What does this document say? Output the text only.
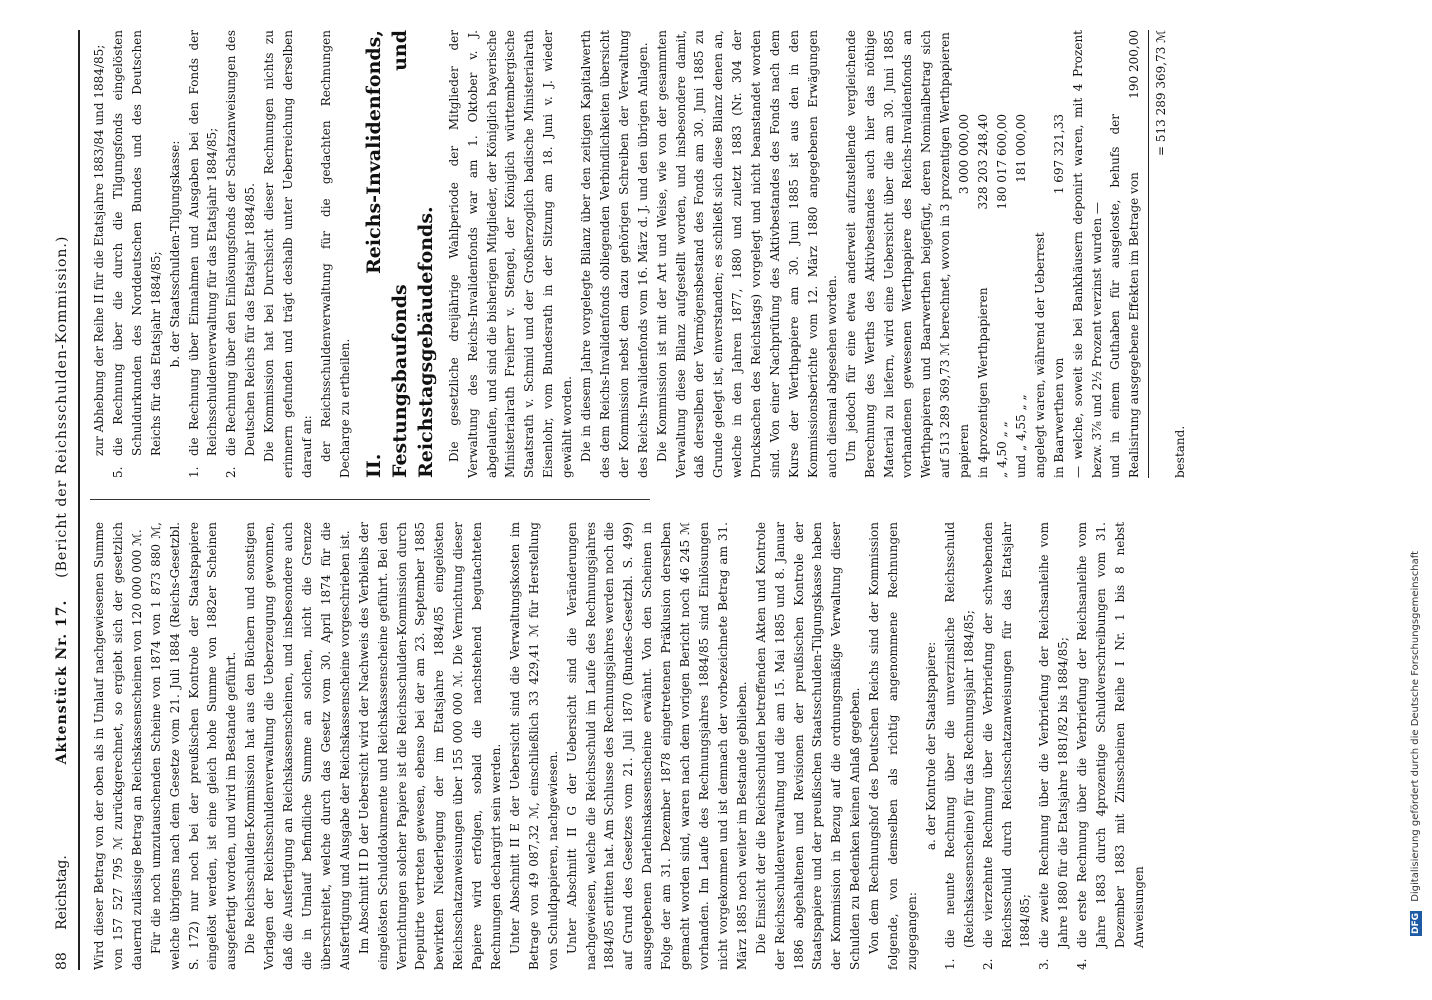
88     Reichstag.
Aktenstück Nr. 17.    (Bericht der Reichsschulden-Kommission.)

Wird dieser Betrag von der oben als in Umlauf nachgewiesenen Summe von 157 527 795 ℳ zurückgerechnet, so ergiebt sich der gesetzlich dauernd zulässige Betrag an Reichskassenscheinen von 120 000 000 ℳ. Für die noch umzutauschenden Scheine von 1874 von 1 873 880 ℳ, welche übrigens nach dem Gesetze vom 21. Juli 1884 (Reichs-Gesetzbl. S. 172) nur noch bei der preußischen Kontrole der Staatspapiere eingelöst werden, ist eine gleich hohe Summe von 1882er Scheinen ausgefertigt worden, und wird im Bestande geführt. Die Reichsschulden-Kommission hat aus den Büchern und sonstigen Vorlagen der Reichsschuldenverwaltung die Ueberzeugung gewonnen, daß die Ausfertigung an Reichskassenscheinen, und insbesondere auch die in Umlauf befindliche Summe an solchen, nicht die Grenze überschreitet, welche durch das Gesetz vom 30. April 1874 für die Ausfertigung und Ausgabe der Reichskassenscheine vorgeschrieben ist. Im Abschnitt II D der Uebersicht wird der Nachweis des Verbleibs der eingelösten Schulddokumente und Reichskassenscheine geführt. Bei den Vernichtungen solcher Papiere ist die Reichsschulden-Kommission durch Deputirte vertreten gewesen, ebenso bei der am 23. September 1885 bewirkten Niederlegung der im Etatsjahre 1884/85 eingelösten Reichsschatzanweisungen über 155 000 000 ℳ. Die Vernichtung dieser Papiere wird erfolgen, sobald die nachstehend begutachteten Rechnungen dechargirt sein werden. Unter Abschnitt II E der Uebersicht sind die Verwaltungskosten im Betrage von 49 087,32 ℳ, einschließlich 33 429,41 ℳ für Herstellung von Schuldpapieren, nachgewiesen. Unter Abschnitt II G der Uebersicht sind die Veränderungen nachgewiesen, welche die Reichsschuld im Laufe des Rechnungsjahres 1884/85 erlitten hat. Am Schlusse des Rechnungsjahres werden noch die auf Grund des Gesetzes vom 21. Juli 1870 (Bundes-Gesetzbl. S. 499) ausgegebenen Darlehnskassenscheine erwähnt. Von den Scheinen in Folge der am 31. Dezember 1878 eingetretenen Präklusion derselben gemacht worden sind, waren nach dem vorigen Bericht noch 46 245 ℳ vorhanden. Im Laufe des Rechnungsjahres 1884/85 sind Einlösungen nicht vorgekommen und ist demnach der vorbezeichnete Betrag am 31. März 1885 noch weiter im Bestande geblieben. Die Einsicht der die Reichsschulden betreffenden Akten und Kontrole der Reichsschuldenverwaltung und die am 15. Mai 1885 und 8. Januar 1886 abgehaltenen und Revisionen der preußischen Kontrole der Staatspapiere und der preußischen Staatsschulden-Tilgungskasse haben der Kommission in Bezug auf die ordnungsmäßige Verwaltung dieser Schulden zu Bedenken keinen Anlaß gegeben. Von dem Rechnungshof des Deutschen Reichs sind der Kommission folgende, von demselben als richtig angenommene Rechnungen zugegangen:

a. der Kontrole der Staatspapiere:

1.
die neunte Rechnung über die unverzinsliche Reichsschuld (Reichskassenscheine) für das Rechnungsjahr 1884/85;

2.
die vierzehnte Rechnung über die Verbriefung der schwebenden Reichsschuld durch Reichsschatzanweisungen für das Etatsjahr 1884/85;

3.
die zweite Rechnung über die Verbriefung der Reichsanleihe vom Jahre 1880 für die Etatsjahre 1881/82 bis 1884/85;

4.
die erste Rechnung über die Verbriefung der Reichsanleihe vom Jahre 1883 durch 4prozentige Schuldverschreibungen vom 31. Dezember 1883 mit Zinsscheinen Reihe I Nr. 1 bis 8 nebst Anweisungen

zur Abhebung der Reihe II für die Etatsjahre 1883/84 und 1884/85;

5.
die Rechnung über die durch die Tilgungsfonds eingelösten Schuldurkunden des Norddeutschen Bundes und des Deutschen Reichs für das Etatsjahr 1884/85; b. der Staatsschulden-Tilgungskasse:

1.
die Rechnung über Einnahmen und Ausgaben bei den Fonds der Reichsschuldenverwaltung für das Etatsjahr 1884/85;

2.
die Rechnung über den Einlösungsfonds der Schatzanweisungen des Deutschen Reichs für das Etatsjahr 1884/85. Die Kommission hat bei Durchsicht dieser Rechnungen nichts zu erinnern gefunden und trägt deshalb unter Ueberreichung derselben darauf an: der Reichsschuldenverwaltung für die gedachten Rechnungen Decharge zu ertheilen. II. Reichs-Invalidenfonds, Festungsbaufonds und Reichstagsgebäudefonds. Die gesetzliche dreijährige Wahlperiode der Mitglieder der Verwaltung des Reichs-Invalidenfonds war am 1. Oktober v. J. abgelaufen, und sind die bisherigen Mitglieder, der Königlich bayerische Ministerialrath Freiherr v. Stengel, der Königlich württembergische Staatsrath v. Schmid und der Großherzoglich badische Ministerialrath Eisenlohr, vom Bundesrath in der Sitzung am 18. Juni v. J. wieder gewählt worden. Die in diesem Jahre vorgelegte Bilanz über den zeitigen Kapitalwerth des dem Reichs-Invalidenfonds obliegenden Verbindlichkeiten übersicht der Kommission nebst dem dazu gehörigen Schreiben der Verwaltung des Reichs-Invalidenfonds vom 16. März d. J. und den übrigen Anlagen. Die Kommission ist mit der Art und Weise, wie von der gesammten Verwaltung diese Bilanz aufgestellt worden, und insbesondere damit, daß derselben der Vermögensbestand des Fonds am 30. Juni 1885 zu Grunde gelegt ist, einverstanden; es schließt sich diese Bilanz denen an, welche in den Jahren 1877, 1880 und zuletzt 1883 (Nr. 304 der Drucksachen des Reichstags) vorgelegt und nicht beanstandet worden sind. Von einer Nachprüfung des Aktivbestandes des Fonds nach dem Kurse der Werthpapiere am 30. Juni 1885 ist aus den in den Kommissionsberichte vom 12. März 1880 angegebenen Erwägungen auch diesmal abgesehen worden. Um jedoch für eine etwa anderweit aufzustellende vergleichende Berechnung des Werths des Aktivbestandes auch hier das nöthige Material zu liefern, wird eine Uebersicht über die am 30. Juni 1885 vorhandenen gewesenen Werthpapiere des Reichs-Invalidenfonds an Werthpapieren und Baarwerthen beigefügt, deren Nominalbetrag sich auf 513 289 369,73 ℳ berechnet, wovon in 3 prozentigen Werthpapieren papieren
3 000 000,00
in 4prozentigen Werthpapieren
328 203 248,40
„ 4,50 „ „
180 017 600,00
und „ 4,55 „ „
181 000,00

angelegt waren, während der Ueberrest in Baarwerthen von
1 697 321,33 — welche, soweit sie bei Bankhäusern deponirt waren, mit 4 Prozent bezw. 3⅞ und 2½ Prozent verzinst wurden — und in einem Guthaben für ausgeloste, behufs der Realisirung ausgegebene Effekten im Betrage von
190 200,00 = 513 289 369,73 ℳ

bestand.

DFG Digitalisierung gefördert durch die Deutsche Forschungsgemeinschaft
